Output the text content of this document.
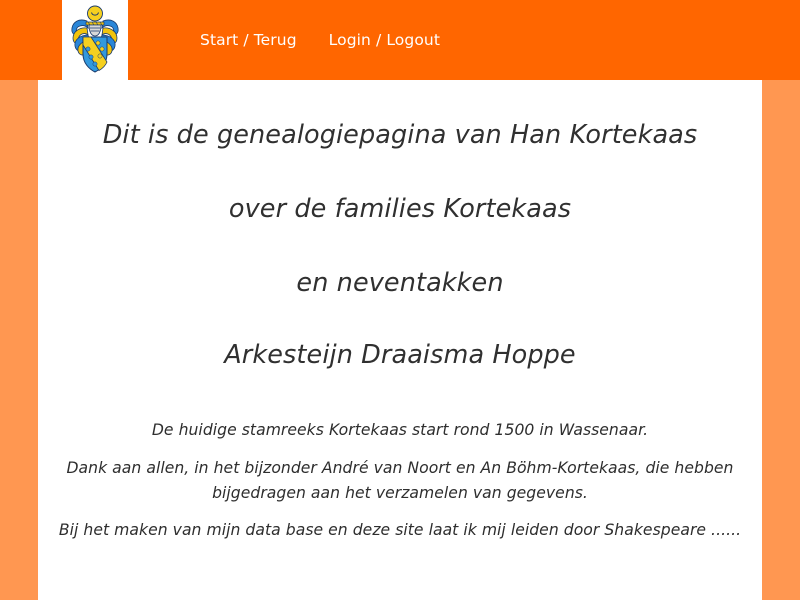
Start / Terug Login / Logout

Dit is de genealogiepagina van Han Kortekaas

over de families Kortekaas

en neventakken

Arkesteijn Draaisma Hoppe

De huidige stamreeks Kortekaas start rond 1500 in Wassenaar.

Dank aan allen, in het bijzonder André van Noort en An Böhm-Kortekaas, die hebben bijgedragen aan het verzamelen van gegevens.

Bij het maken van mijn data base en deze site laat ik mij leiden door Shakespeare ......
